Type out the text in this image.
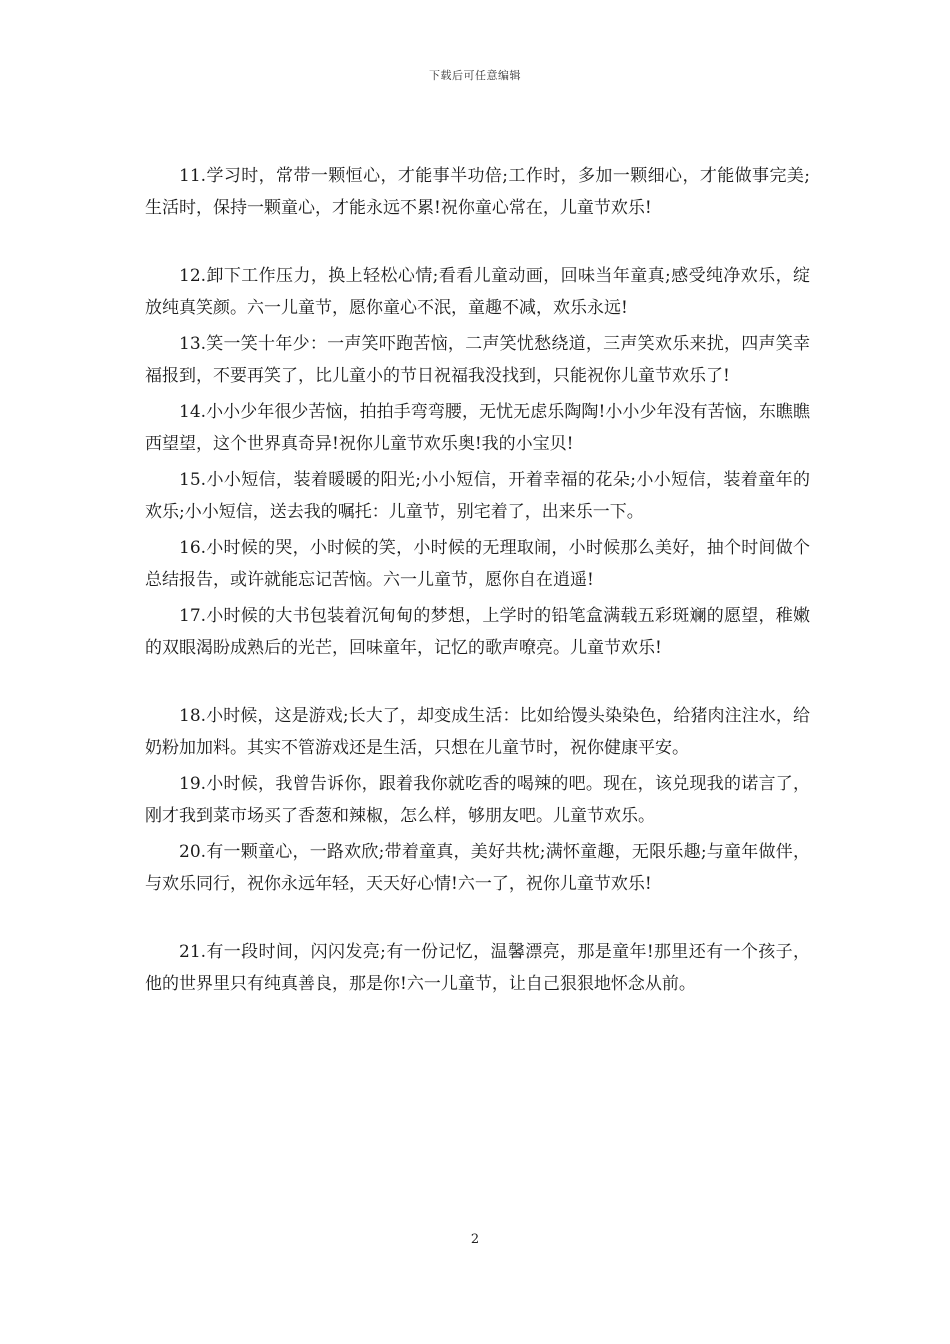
下载后可任意编辑

11.学习时，常带一颗恒心，才能事半功倍;工作时，多加一颗细心，才能做事完美;生活时，保持一颗童心，才能永远不累!祝你童心常在，儿童节欢乐!

12.卸下工作压力，换上轻松心情;看看儿童动画，回味当年童真;感受纯净欢乐，绽放纯真笑颜。六一儿童节，愿你童心不泯，童趣不减，欢乐永远!

13.笑一笑十年少：一声笑吓跑苦恼，二声笑忧愁绕道，三声笑欢乐来扰，四声笑幸福报到，不要再笑了，比儿童小的节日祝福我没找到，只能祝你儿童节欢乐了!

14.小小少年很少苦恼，拍拍手弯弯腰，无忧无虑乐陶陶!小小少年没有苦恼，东瞧瞧西望望，这个世界真奇异!祝你儿童节欢乐奥!我的小宝贝!

15.小小短信，装着暖暖的阳光;小小短信，开着幸福的花朵;小小短信，装着童年的欢乐;小小短信，送去我的嘱托：儿童节，别宅着了，出来乐一下。

16.小时候的哭，小时候的笑，小时候的无理取闹，小时候那么美好，抽个时间做个总结报告，或许就能忘记苦恼。六一儿童节，愿你自在逍遥!

17.小时候的大书包装着沉甸甸的梦想，上学时的铅笔盒满载五彩斑斓的愿望，稚嫩的双眼渴盼成熟后的光芒，回味童年，记忆的歌声嘹亮。儿童节欢乐!

18.小时候，这是游戏;长大了，却变成生活：比如给馒头染染色，给猪肉注注水，给奶粉加加料。其实不管游戏还是生活，只想在儿童节时，祝你健康平安。

19.小时候，我曾告诉你，跟着我你就吃香的喝辣的吧。现在，该兑现我的诺言了，刚才我到菜市场买了香葱和辣椒，怎么样，够朋友吧。儿童节欢乐。

20.有一颗童心，一路欢欣;带着童真，美好共枕;满怀童趣，无限乐趣;与童年做伴，与欢乐同行，祝你永远年轻，天天好心情!六一了，祝你儿童节欢乐!

21.有一段时间，闪闪发亮;有一份记忆，温馨漂亮，那是童年!那里还有一个孩子，他的世界里只有纯真善良，那是你!六一儿童节，让自己狠狠地怀念从前。

2
